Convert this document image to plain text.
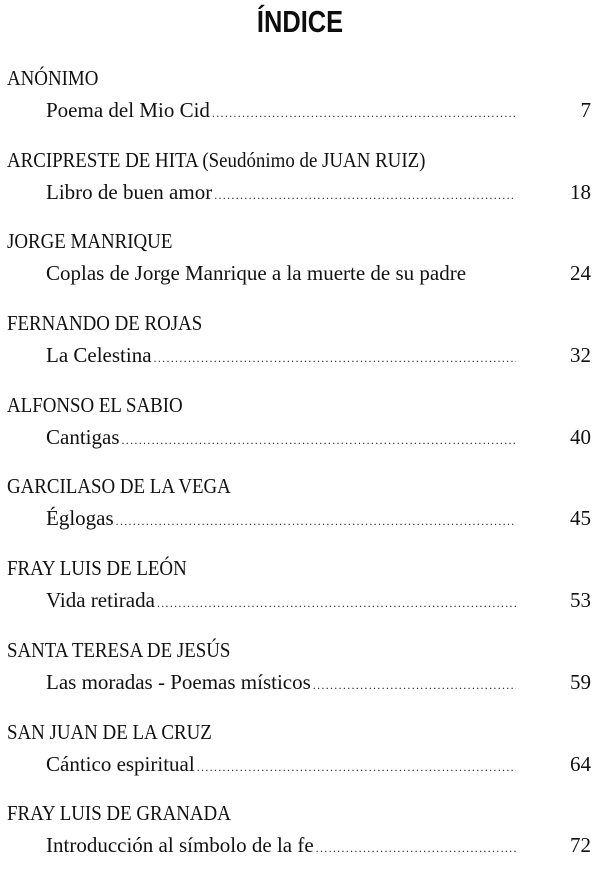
ÍNDICE
ANÓNIMO
Poema del Mio Cid .....	7
ARCIPRESTE DE HITA (Seudónimo de JUAN RUIZ)
Libro de buen amor .....	18
JORGE MANRIQUE
Coplas de Jorge Manrique a la muerte de su padre	24
FERNANDO DE ROJAS
La Celestina .....	32
ALFONSO EL SABIO
Cantigas .....	40
GARCILASO DE LA VEGA
Églogas .....	45
FRAY LUIS DE LEÓN
Vida retirada .....	53
SANTA TERESA DE JESÚS
Las moradas - Poemas místicos .....	59
SAN JUAN DE LA CRUZ
Cántico espiritual .....	64
FRAY LUIS DE GRANADA
Introducción al símbolo de la fe .....	72
